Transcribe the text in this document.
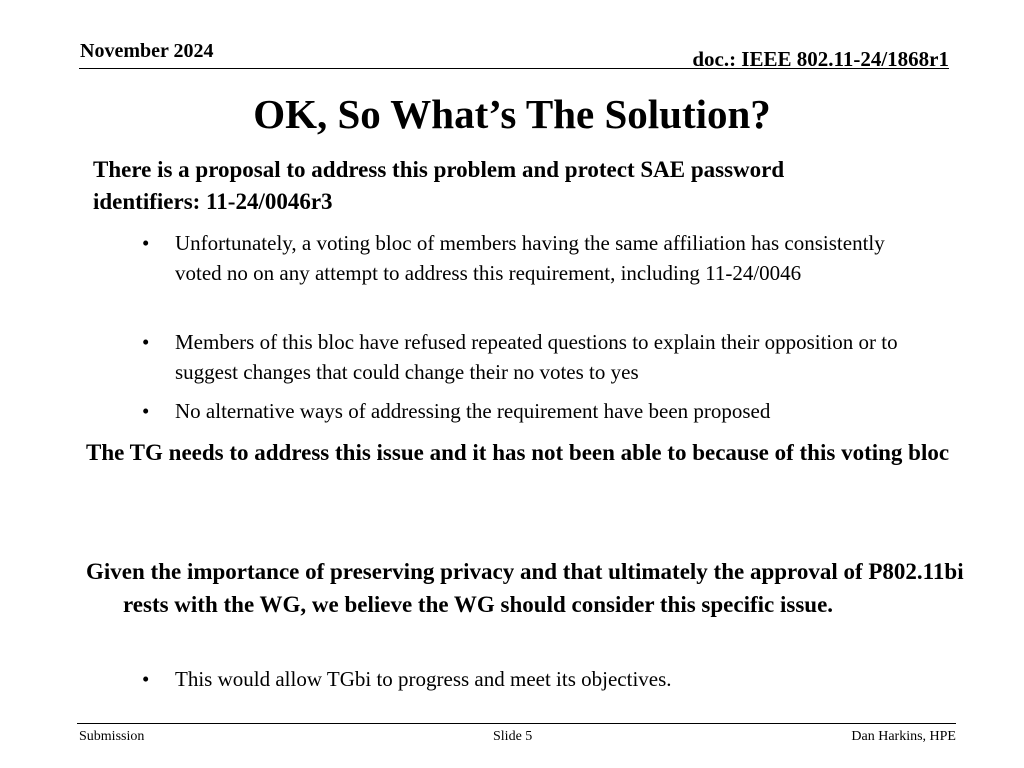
November 2024	doc.: IEEE 802.11-24/1868r1
OK, So What’s The Solution?

There is a proposal to address this problem and protect SAE password identifiers: 11-24/0046r3

• Unfortunately, a voting bloc of members having the same affiliation has consistently voted no on any attempt to address this requirement, including 11-24/0046
• Members of this bloc have refused repeated questions to explain their opposition or to suggest changes that could change their no votes to yes
• No alternative ways of addressing the requirement have been proposed

The TG needs to address this issue and it has not been able to because of this voting bloc

Given the importance of preserving privacy and that ultimately the approval of P802.11bi rests with the WG, we believe the WG should consider this specific issue.

• This would allow TGbi to progress and meet its objectives.
Submission	Slide 5	Dan Harkins, HPE
